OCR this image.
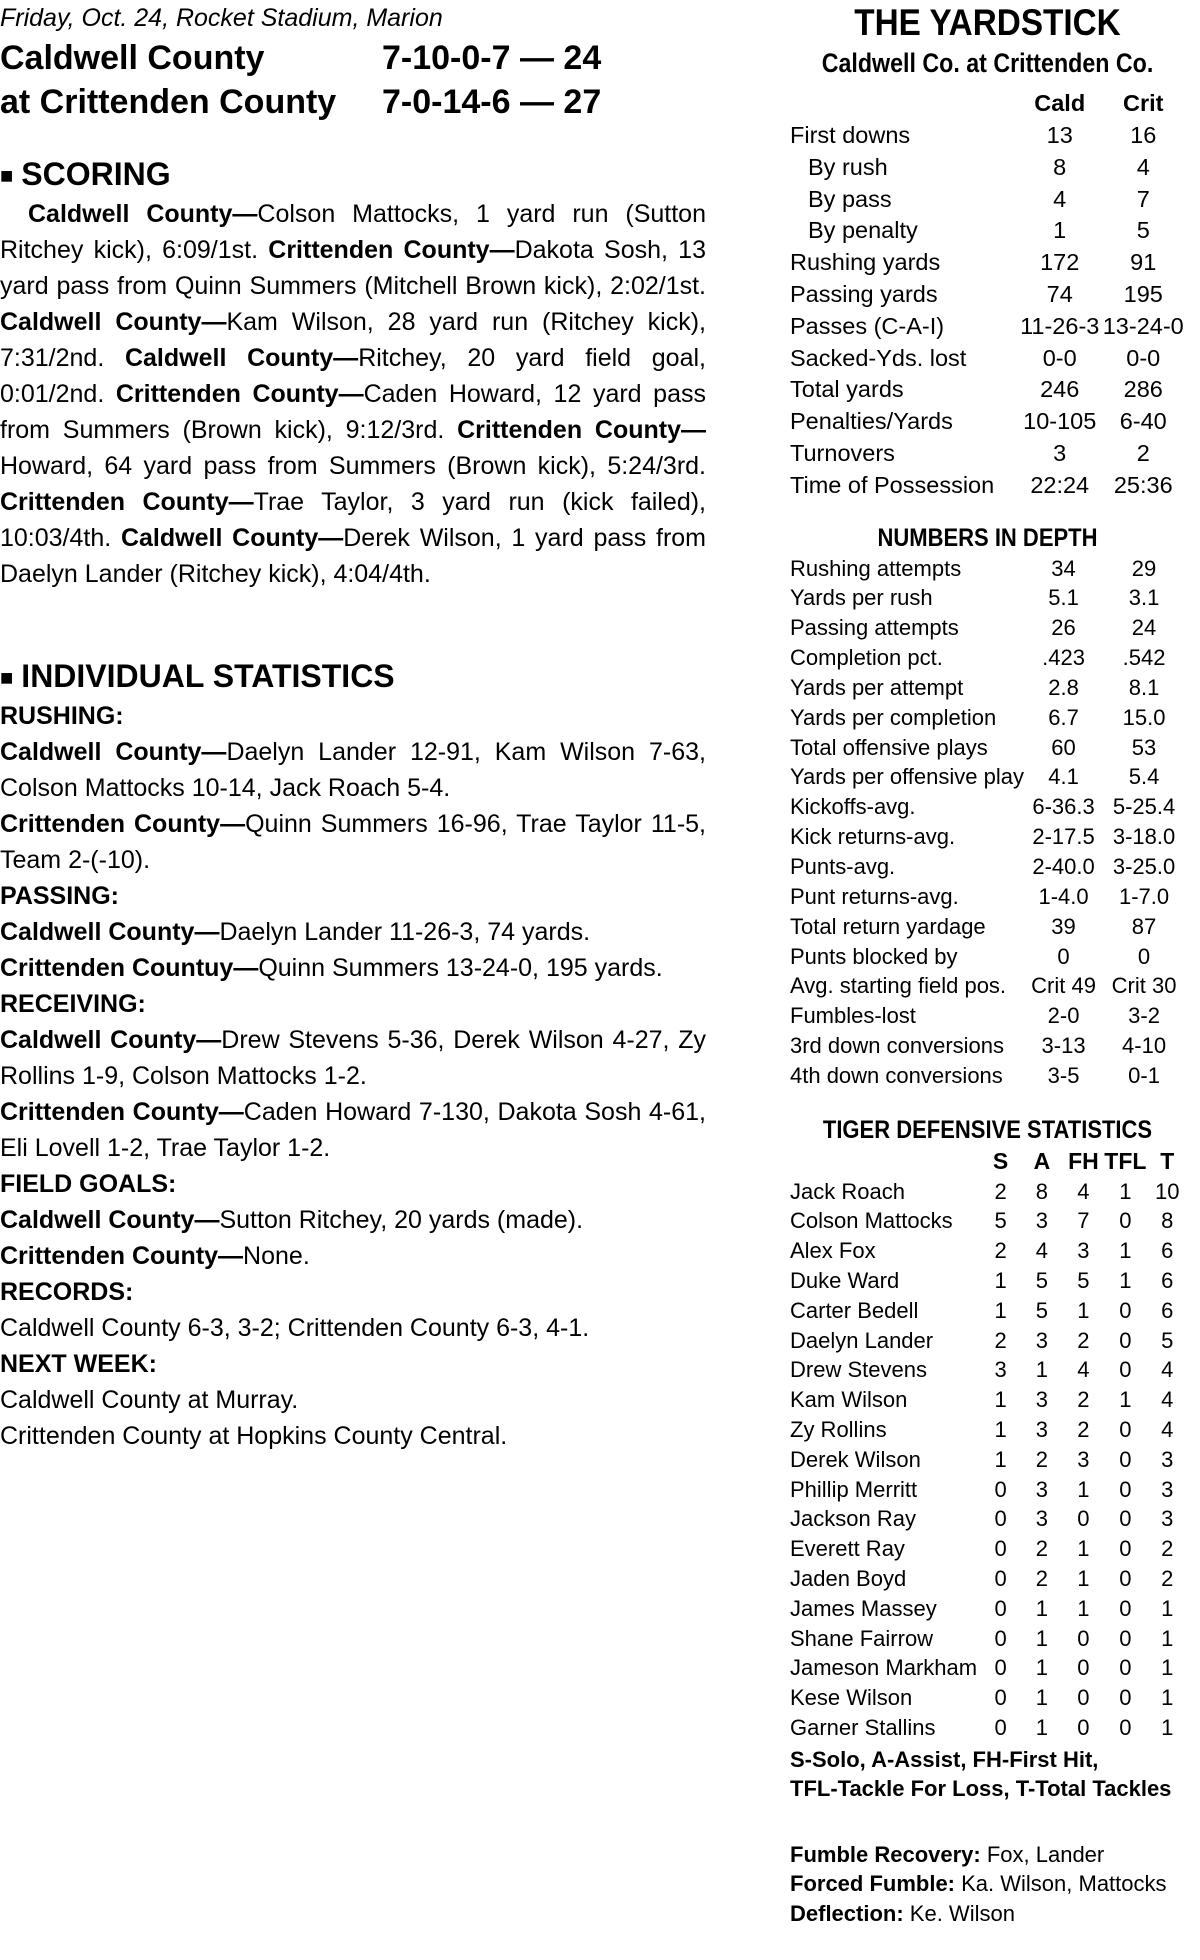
Friday, Oct. 24, Rocket Stadium, Marion
Caldwell County	7-10-0-7 — 24
at Crittenden County 7-0-14-6 — 27
■ SCORING
Caldwell County—Colson Mattocks, 1 yard run (Sutton Ritchey kick), 6:09/1st. Crittenden County—Dakota Sosh, 13 yard pass from Quinn Summers (Mitchell Brown kick), 2:02/1st. Caldwell County—Kam Wilson, 28 yard run (Ritchey kick), 7:31/2nd. Caldwell County—Ritchey, 20 yard field goal, 0:01/2nd. Crittenden County—Caden Howard, 12 yard pass from Summers (Brown kick), 9:12/3rd. Crittenden County—Howard, 64 yard pass from Summers (Brown kick), 5:24/3rd. Crittenden County—Trae Taylor, 3 yard run (kick failed), 10:03/4th. Caldwell County—Derek Wilson, 1 yard pass from Daelyn Lander (Ritchey kick), 4:04/4th.
■ INDIVIDUAL STATISTICS
RUSHING:
Caldwell County—Daelyn Lander 12-91, Kam Wilson 7-63, Colson Mattocks 10-14, Jack Roach 5-4.
Crittenden County—Quinn Summers 16-96, Trae Taylor 11-5, Team 2-(-10).
PASSING:
Caldwell County—Daelyn Lander 11-26-3, 74 yards.
Crittenden Countuy—Quinn Summers 13-24-0, 195 yards.
RECEIVING:
Caldwell County—Drew Stevens 5-36, Derek Wilson 4-27, Zy Rollins 1-9, Colson Mattocks 1-2.
Crittenden County—Caden Howard 7-130, Dakota Sosh 4-61, Eli Lovell 1-2, Trae Taylor 1-2.
FIELD GOALS:
Caldwell County—Sutton Ritchey, 20 yards (made).
Crittenden County—None.
RECORDS:
Caldwell County 6-3, 3-2; Crittenden County 6-3, 4-1.
NEXT WEEK:
Caldwell County at Murray.
Crittenden County at Hopkins County Central.
THE YARDSTICK
Caldwell Co. at Crittenden Co.
	Cald	Crit
First downs	13	16
By rush	8	4
By pass	4	7
By penalty	1	5
Rushing yards	172	91
Passing yards	74	195
Passes (C-A-I)	11-26-3	13-24-0
Sacked-Yds. lost	0-0	0-0
Total yards	246	286
Penalties/Yards	10-105	6-40
Turnovers	3	2
Time of Possession	22:24	25:36
NUMBERS IN DEPTH
Rushing attempts	34	29
Yards per rush	5.1	3.1
Passing attempts	26	24
Completion pct.	.423	.542
Yards per attempt	2.8	8.1
Yards per completion	6.7	15.0
Total offensive plays	60	53
Yards per offensive play	4.1	5.4
Kickoffs-avg.	6-36.3	5-25.4
Kick returns-avg.	2-17.5	3-18.0
Punts-avg.	2-40.0	3-25.0
Punt returns-avg.	1-4.0	1-7.0
Total return yardage	39	87
Punts blocked by	0	0
Avg. starting field pos.	Crit 49	Crit 30
Fumbles-lost	2-0	3-2
3rd down conversions	3-13	4-10
4th down conversions	3-5	0-1
TIGER DEFENSIVE STATISTICS
	S	A	FH	TFL	T
Jack Roach	2	8	4	1	10
Colson Mattocks	5	3	7	0	8
Alex Fox	2	4	3	1	6
Duke Ward	1	5	5	1	6
Carter Bedell	1	5	1	0	6
Daelyn Lander	2	3	2	0	5
Drew Stevens	3	1	4	0	4
Kam Wilson	1	3	2	1	4
Zy Rollins	1	3	2	0	4
Derek Wilson	1	2	3	0	3
Phillip Merritt	0	3	1	0	3
Jackson Ray	0	3	0	0	3
Everett Ray	0	2	1	0	2
Jaden Boyd	0	2	1	0	2
James Massey	0	1	1	0	1
Shane Fairrow	0	1	0	0	1
Jameson Markham	0	1	0	0	1
Kese Wilson	0	1	0	0	1
Garner Stallins	0	1	0	0	1
S-Solo, A-Assist, FH-First Hit,
TFL-Tackle For Loss, T-Total Tackles
Fumble Recovery: Fox, Lander
Forced Fumble: Ka. Wilson, Mattocks
Deflection: Ke. Wilson
